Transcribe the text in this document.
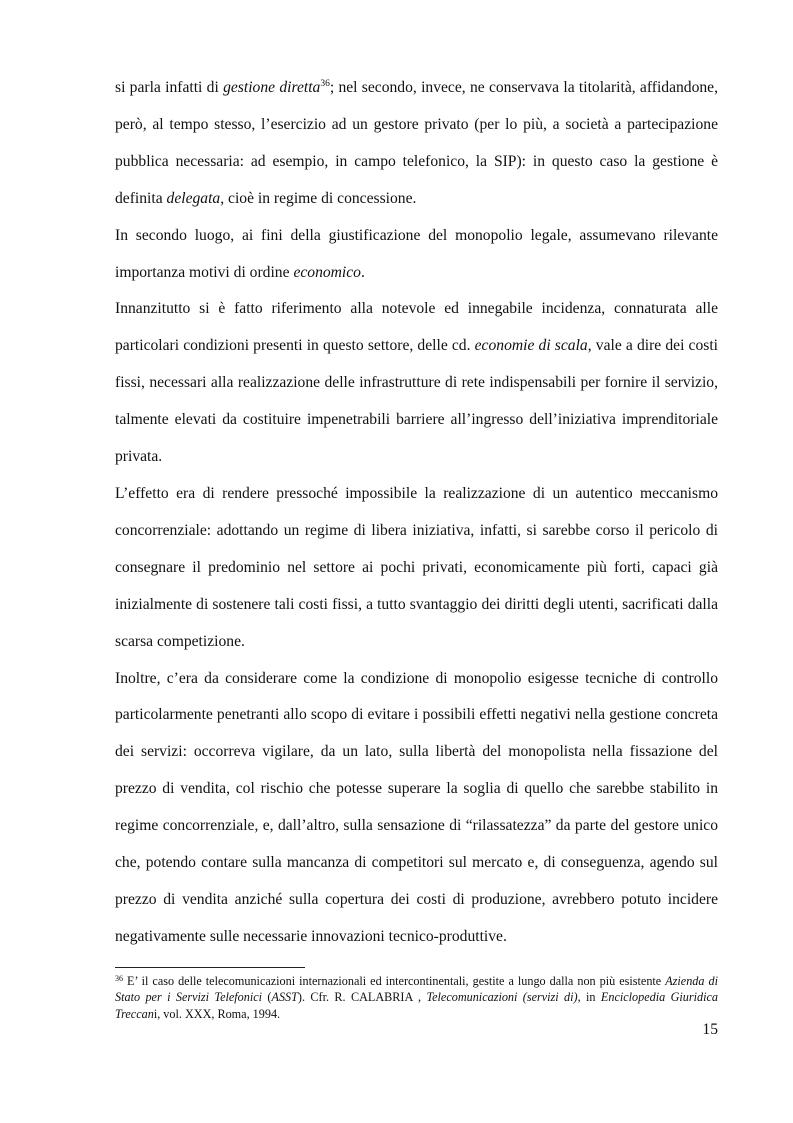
si parla infatti di gestione diretta$^{36}$; nel secondo, invece, ne conservava la titolarità, affidandone, però, al tempo stesso, l’esercizio ad un gestore privato (per lo più, a società a partecipazione pubblica necessaria: ad esempio, in campo telefonico, la SIP): in questo caso la gestione è definita delegata, cioè in regime di concessione.

In secondo luogo, ai fini della giustificazione del monopolio legale, assumevano rilevante importanza motivi di ordine economico.

Innanzitutto si è fatto riferimento alla notevole ed innegabile incidenza, connaturata alle particolari condizioni presenti in questo settore, delle cd. economie di scala, vale a dire dei costi fissi, necessari alla realizzazione delle infrastrutture di rete indispensabili per fornire il servizio, talmente elevati da costituire impenetrabili barriere all’ingresso dell’iniziativa imprenditoriale privata.

L’effetto era di rendere pressoché impossibile la realizzazione di un autentico meccanismo concorrenziale: adottando un regime di libera iniziativa, infatti, si sarebbe corso il pericolo di consegnare il predominio nel settore ai pochi privati, economicamente più forti, capaci già inizialmente di sostenere tali costi fissi, a tutto svantaggio dei diritti degli utenti, sacrificati dalla scarsa competizione.

Inoltre, c’era da considerare come la condizione di monopolio esigesse tecniche di controllo particolarmente penetranti allo scopo di evitare i possibili effetti negativi nella gestione concreta dei servizi: occorreva vigilare, da un lato, sulla libertà del monopolista nella fissazione del prezzo di vendita, col rischio che potesse superare la soglia di quello che sarebbe stabilito in regime concorrenziale, e, dall’altro, sulla sensazione di “rilassatezza” da parte del gestore unico che, potendo contare sulla mancanza di competitori sul mercato e, di conseguenza, agendo sul prezzo di vendita anziché sulla copertura dei costi di produzione, avrebbero potuto incidere negativamente sulle necessarie innovazioni tecnico-produttive.

$^{36}$ E’ il caso delle telecomunicazioni internazionali ed intercontinentali, gestite a lungo dalla non più esistente Azienda di Stato per i Servizi Telefonici (ASST). Cfr. R. CALABRIA , Telecomunicazioni (servizi di), in Enciclopedia Giuridica Treccani, vol. XXX, Roma, 1994.
15
